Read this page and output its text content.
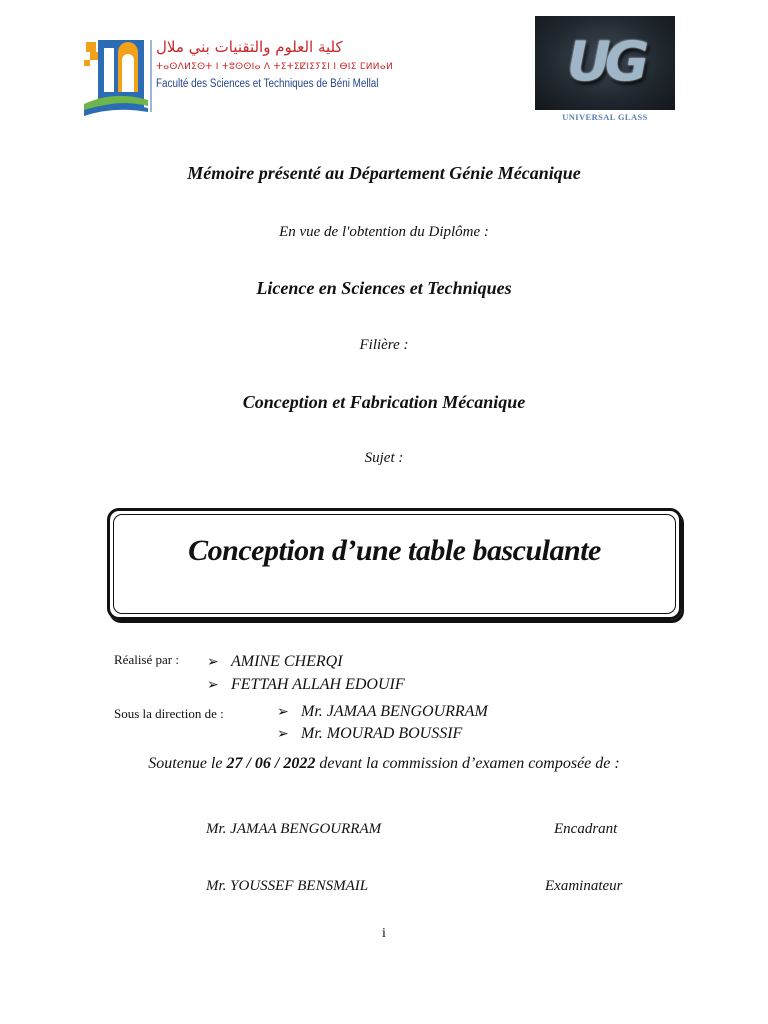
كلية العلوم والتقنيات بني ملال
ⵜⴰⵙⴷⵍⵉⵙⵜ ⵏ ⵜⵓⵙⵙⵏⴰ ⴷ ⵜⵉⵜⵉⵇⵏⵉⵢⵉⵏ ⵏ ⴱⵏⵉ ⵎⵍⵍⴰⵍ
Faculté des Sciences et Techniques de Béni Mellal	UG
UNIVERSAL GLASS
Mémoire présenté au Département Génie Mécanique
En vue de l'obtention du Diplôme :
Licence en Sciences et Techniques
Filière :
Conception et Fabrication Mécanique
Sujet :
Conception d’une table basculante
Réalisé par : ➢ AMINE CHERQI
➢ FETTAH ALLAH EDOUIF
Sous la direction de :	➢ Mr. JAMAA BENGOURRAM
➢ Mr. MOURAD BOUSSIF
Soutenue le 27 / 06 / 2022 devant la commission d’examen composée de :
Mr. JAMAA BENGOURRAM	Encadrant
Mr. YOUSSEF BENSMAIL	Examinateur
i
